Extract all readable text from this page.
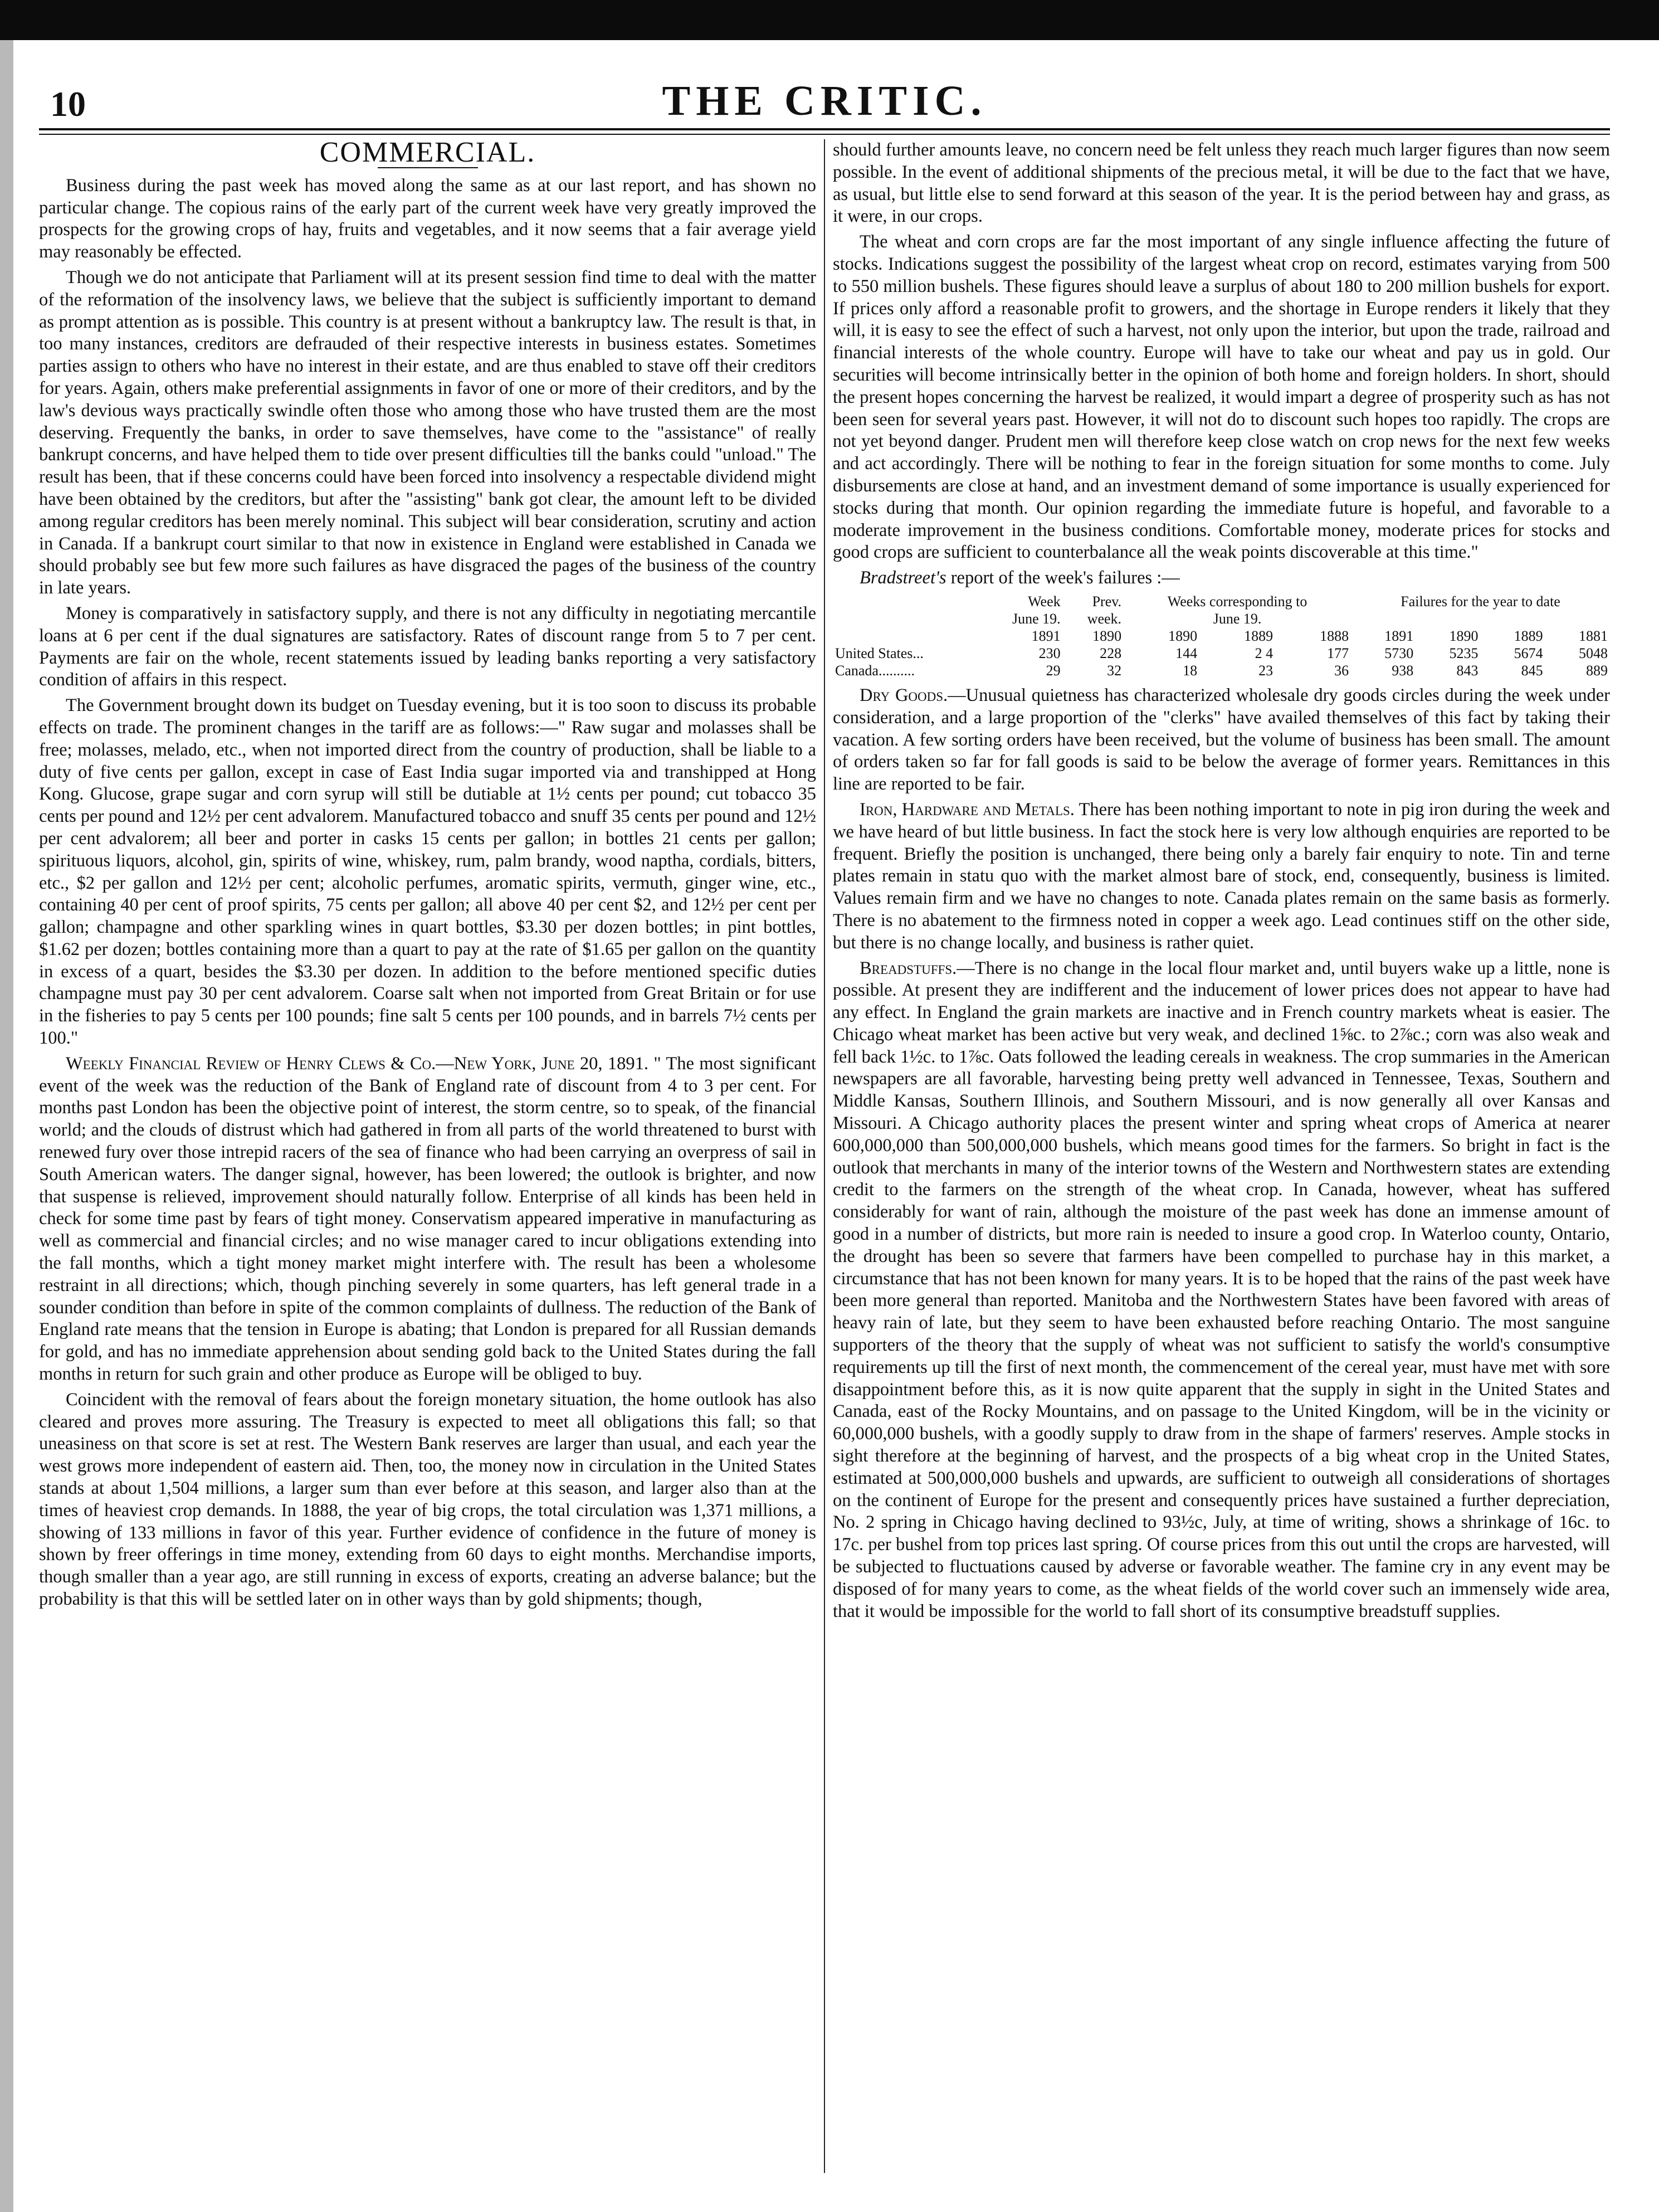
10	THE CRITIC.
COMMERCIAL.

Business during the past week has moved along the same as at our last report, and has shown no particular change. The copious rains of the early part of the current week have very greatly improved the prospects for the growing crops of hay, fruits and vegetables, and it now seems that a fair average yield may reasonably be effected.

Though we do not anticipate that Parliament will at its present session find time to deal with the matter of the reformation of the insolvency laws, we believe that the subject is sufficiently important to demand as prompt attention as is possible. This country is at present without a bankruptcy law. The result is that, in too many instances, creditors are defrauded of their respective interests in business estates. Sometimes parties assign to others who have no interest in their estate, and are thus enabled to stave off their creditors for years. Again, others make preferential assignments in favor of one or more of their creditors, and by the law's devious ways practically swindle often those who among those who have trusted them are the most deserving. Frequently the banks, in order to save themselves, have come to the "assistance" of really bankrupt concerns, and have helped them to tide over present difficulties till the banks could "unload." The result has been, that if these concerns could have been forced into insolvency a respectable dividend might have been obtained by the creditors, but after the "assisting" bank got clear, the amount left to be divided among regular creditors has been merely nominal. This subject will bear consideration, scrutiny and action in Canada. If a bankrupt court similar to that now in existence in England were established in Canada we should probably see but few more such failures as have disgraced the pages of the business of the country in late years.

Money is comparatively in satisfactory supply, and there is not any difficulty in negotiating mercantile loans at 6 per cent if the dual signatures are satisfactory. Rates of discount range from 5 to 7 per cent. Payments are fair on the whole, recent statements issued by leading banks reporting a very satisfactory condition of affairs in this respect.

The Government brought down its budget on Tuesday evening, but it is too soon to discuss its probable effects on trade. The prominent changes in the tariff are as follows:—" Raw sugar and molasses shall be free; molasses, melado, etc., when not imported direct from the country of production, shall be liable to a duty of five cents per gallon, except in case of East India sugar imported via and transhipped at Hong Kong. Glucose, grape sugar and corn syrup will still be dutiable at 1½ cents per pound; cut tobacco 35 cents per pound and 12½ per cent advalorem. Manufactured tobacco and snuff 35 cents per pound and 12½ per cent advalorem; all beer and porter in casks 15 cents per gallon; in bottles 21 cents per gallon; spirituous liquors, alcohol, gin, spirits of wine, whiskey, rum, palm brandy, wood naptha, cordials, bitters, etc., $2 per gallon and 12½ per cent; alcoholic perfumes, aromatic spirits, vermuth, ginger wine, etc., containing 40 per cent of proof spirits, 75 cents per gallon; all above 40 per cent $2, and 12½ per cent per gallon; champagne and other sparkling wines in quart bottles, $3.30 per dozen bottles; in pint bottles, $1.62 per dozen; bottles containing more than a quart to pay at the rate of $1.65 per gallon on the quantity in excess of a quart, besides the $3.30 per dozen. In addition to the before mentioned specific duties champagne must pay 30 per cent advalorem. Coarse salt when not imported from Great Britain or for use in the fisheries to pay 5 cents per 100 pounds; fine salt 5 cents per 100 pounds, and in barrels 7½ cents per 100."

Weekly Financial Review of Henry Clews & Co.—New York, June 20, 1891. " The most significant event of the week was the reduction of the Bank of England rate of discount from 4 to 3 per cent. For months past London has been the objective point of interest, the storm centre, so to speak, of the financial world; and the clouds of distrust which had gathered in from all parts of the world threatened to burst with renewed fury over those intrepid racers of the sea of finance who had been carrying an overpress of sail in South American waters. The danger signal, however, has been lowered; the outlook is brighter, and now that suspense is relieved, improvement should naturally follow. Enterprise of all kinds has been held in check for some time past by fears of tight money. Conservatism appeared imperative in manufacturing as well as commercial and financial circles; and no wise manager cared to incur obligations extending into the fall months, which a tight money market might interfere with. The result has been a wholesome restraint in all directions; which, though pinching severely in some quarters, has left general trade in a sounder condition than before in spite of the common complaints of dullness. The reduction of the Bank of England rate means that the tension in Europe is abating; that London is prepared for all Russian demands for gold, and has no immediate apprehension about sending gold back to the United States during the fall months in return for such grain and other produce as Europe will be obliged to buy.

Coincident with the removal of fears about the foreign monetary situation, the home outlook has also cleared and proves more assuring. The Treasury is expected to meet all obligations this fall; so that uneasiness on that score is set at rest. The Western Bank reserves are larger than usual, and each year the west grows more independent of eastern aid. Then, too, the money now in circulation in the United States stands at about 1,504 millions, a larger sum than ever before at this season, and larger also than at the times of heaviest crop demands. In 1888, the year of big crops, the total circulation was 1,371 millions, a showing of 133 millions in favor of this year. Further evidence of confidence in the future of money is shown by freer offerings in time money, extending from 60 days to eight months. Merchandise imports, though smaller than a year ago, are still running in excess of exports, creating an adverse balance; but the probability is that this will be settled later on in other ways than by gold shipments; though,

should further amounts leave, no concern need be felt unless they reach much larger figures than now seem possible. In the event of additional shipments of the precious metal, it will be due to the fact that we have, as usual, but little else to send forward at this season of the year. It is the period between hay and grass, as it were, in our crops.

The wheat and corn crops are far the most important of any single influence affecting the future of stocks. Indications suggest the possibility of the largest wheat crop on record, estimates varying from 500 to 550 million bushels. These figures should leave a surplus of about 180 to 200 million bushels for export. If prices only afford a reasonable profit to growers, and the shortage in Europe renders it likely that they will, it is easy to see the effect of such a harvest, not only upon the interior, but upon the trade, railroad and financial interests of the whole country. Europe will have to take our wheat and pay us in gold. Our securities will become intrinsically better in the opinion of both home and foreign holders. In short, should the present hopes concerning the harvest be realized, it would impart a degree of prosperity such as has not been seen for several years past. However, it will not do to discount such hopes too rapidly. The crops are not yet beyond danger. Prudent men will therefore keep close watch on crop news for the next few weeks and act accordingly. There will be nothing to fear in the foreign situation for some months to come. July disbursements are close at hand, and an investment demand of some importance is usually experienced for stocks during that month. Our opinion regarding the immediate future is hopeful, and favorable to a moderate improvement in the business conditions. Comfortable money, moderate prices for stocks and good crops are sufficient to counterbalance all the weak points discoverable at this time."

Bradstreet's report of the week's failures :—

	Week	Prev.	Weeks corresponding to			Failures for the year to date			
	June 19.	week.	June 19.						
	1891	1890	1890	1889	1888	1891	1890	1889	1881
United States...	230	228	144	2 4	177	5730	5235	5674	5048
Canada..........	29	32	18	23	36	938	843	845	889

Dry Goods.—Unusual quietness has characterized wholesale dry goods circles during the week under consideration, and a large proportion of the "clerks" have availed themselves of this fact by taking their vacation. A few sorting orders have been received, but the volume of business has been small. The amount of orders taken so far for fall goods is said to be below the average of former years. Remittances in this line are reported to be fair.

Iron, Hardware and Metals. There has been nothing important to note in pig iron during the week and we have heard of but little business. In fact the stock here is very low although enquiries are reported to be frequent. Briefly the position is unchanged, there being only a barely fair enquiry to note. Tin and terne plates remain in statu quo with the market almost bare of stock, end, consequently, business is limited. Values remain firm and we have no changes to note. Canada plates remain on the same basis as formerly. There is no abatement to the firmness noted in copper a week ago. Lead continues stiff on the other side, but there is no change locally, and business is rather quiet.

Breadstuffs.—There is no change in the local flour market and, until buyers wake up a little, none is possible. At present they are indifferent and the inducement of lower prices does not appear to have had any effect. In England the grain markets are inactive and in French country markets wheat is easier. The Chicago wheat market has been active but very weak, and declined 1⅝c. to 2⅞c.; corn was also weak and fell back 1½c. to 1⅞c. Oats followed the leading cereals in weakness. The crop summaries in the American newspapers are all favorable, harvesting being pretty well advanced in Tennessee, Texas, Southern and Middle Kansas, Southern Illinois, and Southern Missouri, and is now generally all over Kansas and Missouri. A Chicago authority places the present winter and spring wheat crops of America at nearer 600,000,000 than 500,000,000 bushels, which means good times for the farmers. So bright in fact is the outlook that merchants in many of the interior towns of the Western and Northwestern states are extending credit to the farmers on the strength of the wheat crop. In Canada, however, wheat has suffered considerably for want of rain, although the moisture of the past week has done an immense amount of good in a number of districts, but more rain is needed to insure a good crop. In Waterloo county, Ontario, the drought has been so severe that farmers have been compelled to purchase hay in this market, a circumstance that has not been known for many years. It is to be hoped that the rains of the past week have been more general than reported. Manitoba and the Northwestern States have been favored with areas of heavy rain of late, but they seem to have been exhausted before reaching Ontario. The most sanguine supporters of the theory that the supply of wheat was not sufficient to satisfy the world's consumptive requirements up till the first of next month, the commencement of the cereal year, must have met with sore disappointment before this, as it is now quite apparent that the supply in sight in the United States and Canada, east of the Rocky Mountains, and on passage to the United Kingdom, will be in the vicinity or 60,000,000 bushels, with a goodly supply to draw from in the shape of farmers' reserves. Ample stocks in sight therefore at the beginning of harvest, and the prospects of a big wheat crop in the United States, estimated at 500,000,000 bushels and upwards, are sufficient to outweigh all considerations of shortages on the continent of Europe for the present and consequently prices have sustained a further depreciation, No. 2 spring in Chicago having declined to 93½c, July, at time of writing, shows a shrinkage of 16c. to 17c. per bushel from top prices last spring. Of course prices from this out until the crops are harvested, will be subjected to fluctuations caused by adverse or favorable weather. The famine cry in any event may be disposed of for many years to come, as the wheat fields of the world cover such an immensely wide area, that it would be impossible for the world to fall short of its consumptive breadstuff supplies.
